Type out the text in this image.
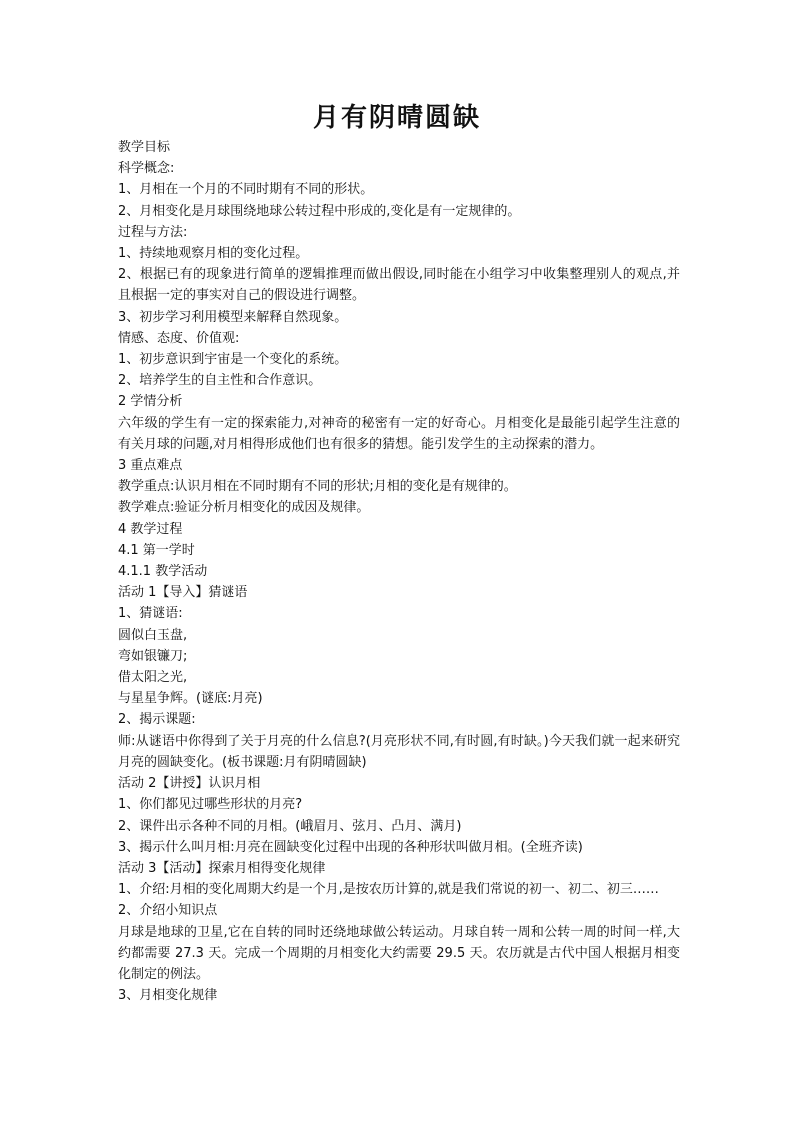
月有阴晴圆缺
教学目标
科学概念:
1、月相在一个月的不同时期有不同的形状。
2、月相变化是月球围绕地球公转过程中形成的,变化是有一定规律的。
过程与方法:
1、持续地观察月相的变化过程。
2、根据已有的现象进行简单的逻辑推理而做出假设,同时能在小组学习中收集整理别人的观点,并且根据一定的事实对自己的假设进行调整。
3、初步学习利用模型来解释自然现象。
情感、态度、价值观:
1、初步意识到宇宙是一个变化的系统。
2、培养学生的自主性和合作意识。
2 学情分析
六年级的学生有一定的探索能力,对神奇的秘密有一定的好奇心。月相变化是最能引起学生注意的有关月球的问题,对月相得形成他们也有很多的猜想。能引发学生的主动探索的潜力。
3 重点难点
教学重点:认识月相在不同时期有不同的形状;月相的变化是有规律的。
教学难点:验证分析月相变化的成因及规律。
4 教学过程
4.1 第一学时
4.1.1 教学活动
活动 1【导入】猜谜语
1、猜谜语:
圆似白玉盘,
弯如银镰刀;
借太阳之光,
与星星争辉。(谜底:月亮)
2、揭示课题:
师:从谜语中你得到了关于月亮的什么信息?(月亮形状不同,有时圆,有时缺。)今天我们就一起来研究月亮的圆缺变化。(板书课题:月有阴晴圆缺)
活动 2【讲授】认识月相
1、你们都见过哪些形状的月亮?
2、课件出示各种不同的月相。(峨眉月、弦月、凸月、满月)
3、揭示什么叫月相:月亮在圆缺变化过程中出现的各种形状叫做月相。(全班齐读)
活动 3【活动】探索月相得变化规律
1、介绍:月相的变化周期大约是一个月,是按农历计算的,就是我们常说的初一、初二、初三……
2、介绍小知识点
月球是地球的卫星,它在自转的同时还绕地球做公转运动。月球自转一周和公转一周的时间一样,大约都需要 27.3 天。完成一个周期的月相变化大约需要 29.5 天。农历就是古代中国人根据月相变化制定的例法。
3、月相变化规律
